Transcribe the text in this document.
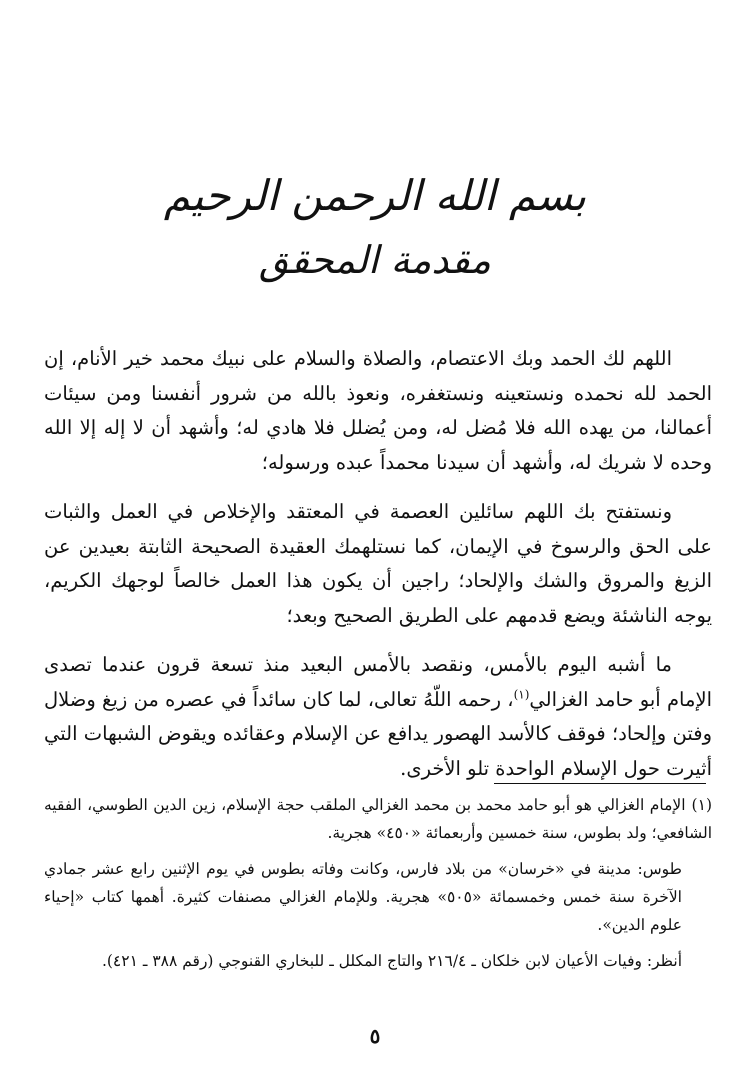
بسم الله الرحمن الرحيم
مقدمة المحقق

اللهم لك الحمد وبك الاعتصام، والصلاة والسلام على نبيك محمد خير الأنام، إن الحمد لله نحمده ونستعينه ونستغفره، ونعوذ بالله من شرور أنفسنا ومن سيئات أعمالنا، من يهده الله فلا مُضل له، ومن يُضلل فلا هادي له؛ وأشهد أن لا إله إلا الله وحده لا شريك له، وأشهد أن سيدنا محمداً عبده ورسوله؛

ونستفتح بك اللهم سائلين العصمة في المعتقد والإخلاص في العمل والثبات على الحق والرسوخ في الإيمان، كما نستلهمك العقيدة الصحيحة الثابتة بعيدين عن الزيغ والمروق والشك والإلحاد؛ راجين أن يكون هذا العمل خالصاً لوجهك الكريم، يوجه الناشئة ويضع قدمهم على الطريق الصحيح وبعد؛

ما أشبه اليوم بالأمس، ونقصد بالأمس البعيد منذ تسعة قرون عندما تصدى الإمام أبو حامد الغزالي$^{(١)}$، رحمه اللّهُ تعالى، لما كان سائداً في عصره من زيغ وضلال وفتن وإلحاد؛ فوقف كالأسد الهصور يدافع عن الإسلام وعقائده ويقوض الشبهات التي أثيرت حول الإسلام الواحدة تلو الأخرى.

(١)الإمام الغزالي هو أبو حامد محمد بن محمد الغزالي الملقب حجة الإسلام، زين الدين الطوسي، الفقيه الشافعي؛ ولد بطوس، سنة خمسين وأربعمائة «٤٥٠» هجرية.

طوس: مدينة في «خرسان» من بلاد فارس، وكانت وفاته بطوس في يوم الإثنين رابع عشر جمادي الآخرة سنة خمس وخمسمائة «٥٠٥» هجرية. وللإمام الغزالي مصنفات كثيرة. أهمها كتاب «إحياء علوم الدين».

أنظر: وفيات الأعيان لابن خلكان ـ ٢١٦/٤ والتاج المكلل ـ للبخاري القنوجي (رقم ٣٨٨ ـ ٤٢١).

٥
